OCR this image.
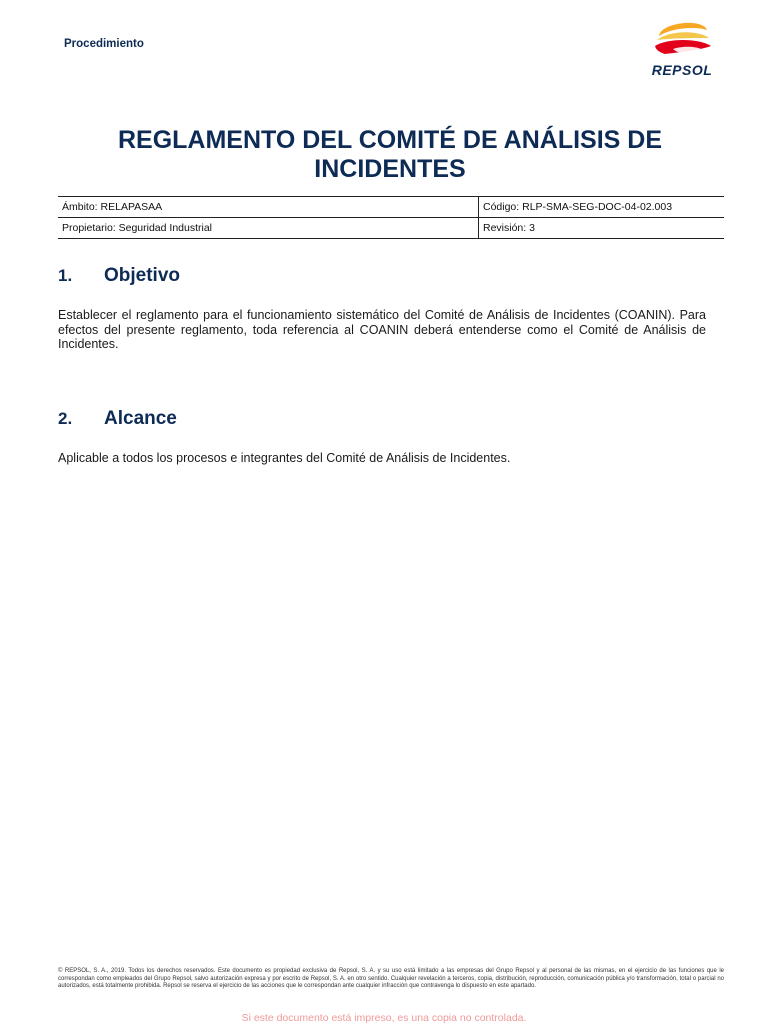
Procedimiento
REPSOL
REGLAMENTO DEL COMITÉ DE ANÁLISIS DE
INCIDENTES
Ámbito: RELAPASAA	Código: RLP-SMA-SEG-DOC-04-02.003
Propietario: Seguridad Industrial	Revisión: 3
1. Objetivo

Establecer el reglamento para el funcionamiento sistemático del Comité de Análisis de Incidentes (COANIN). Para efectos del presente reglamento, toda referencia al COANIN deberá entenderse como el Comité de Análisis de Incidentes.

2. Alcance

Aplicable a todos los procesos e integrantes del Comité de Análisis de Incidentes.

© REPSOL, S. A., 2019. Todos los derechos reservados. Este documento es propiedad exclusiva de Repsol, S. A. y su uso está limitado a las empresas del Grupo Repsol y al personal de las mismas, en el ejercicio de las funciones que le correspondan como empleados del Grupo Repsol, salvo autorización expresa y por escrito de Repsol, S. A. en otro sentido. Cualquier revelación a terceros, copia, distribución, reproducción, comunicación pública y/o transformación, total o parcial no autorizados, está totalmente prohibida. Repsol se reserva el ejercicio de las acciones que le correspondan ante cualquier infracción que contravenga lo dispuesto en este apartado.

Si este documento está impreso, es una copia no controlada.
